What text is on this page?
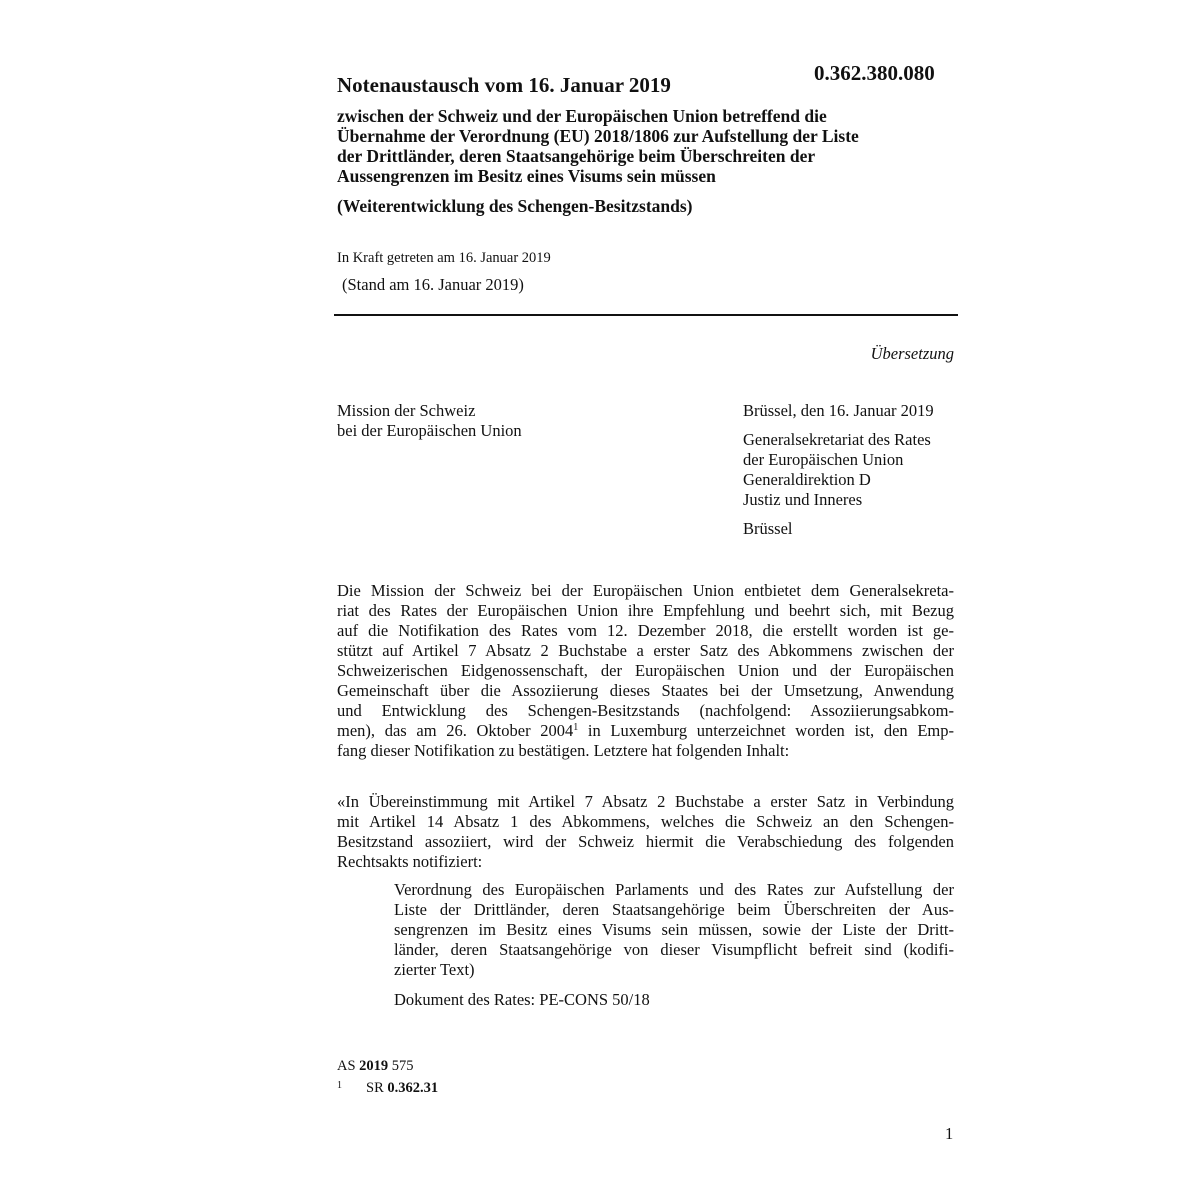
0.362.380.080
Notenaustausch vom 16. Januar 2019
zwischen der Schweiz und der Europäischen Union betreffend die
Übernahme der Verordnung (EU) 2018/1806 zur Aufstellung der Liste
der Drittländer, deren Staatsangehörige beim Überschreiten der
Aussengrenzen im Besitz eines Visums sein müssen
(Weiterentwicklung des Schengen-Besitzstands)
In Kraft getreten am 16. Januar 2019
(Stand am 16. Januar 2019)
Übersetzung
Mission der Schweiz
bei der Europäischen Union
Brüssel, den 16. Januar 2019
Generalsekretariat des Rates
der Europäischen Union
Generaldirektion D
Justiz und Inneres
Brüssel
Die Mission der Schweiz bei der Europäischen Union entbietet dem Generalsekreta-
riat des Rates der Europäischen Union ihre Empfehlung und beehrt sich, mit Bezug
auf die Notifikation des Rates vom 12. Dezember 2018, die erstellt worden ist ge-
stützt auf Artikel 7 Absatz 2 Buchstabe a erster Satz des Abkommens zwischen der
Schweizerischen Eidgenossenschaft, der Europäischen Union und der Europäischen
Gemeinschaft über die Assoziierung dieses Staates bei der Umsetzung, Anwendung
und Entwicklung des Schengen-Besitzstands (nachfolgend: Assoziierungsabkom-
men), das am 26. Oktober 2004$^1$ in Luxemburg unterzeichnet worden ist, den Emp-
fang dieser Notifikation zu bestätigen. Letztere hat folgenden Inhalt:
«In Übereinstimmung mit Artikel 7 Absatz 2 Buchstabe a erster Satz in Verbindung
mit Artikel 14 Absatz 1 des Abkommens, welches die Schweiz an den Schengen-
Besitzstand assoziiert, wird der Schweiz hiermit die Verabschiedung des folgenden
Rechtsakts notifiziert:
Verordnung des Europäischen Parlaments und des Rates zur Aufstellung der
Liste der Drittländer, deren Staatsangehörige beim Überschreiten der Aus-
sengrenzen im Besitz eines Visums sein müssen, sowie der Liste der Dritt-
länder, deren Staatsangehörige von dieser Visumpflicht befreit sind (kodifi-
zierter Text)
Dokument des Rates: PE-CONS 50/18
AS 2019 575
$^1$ SR 0.362.31
1
